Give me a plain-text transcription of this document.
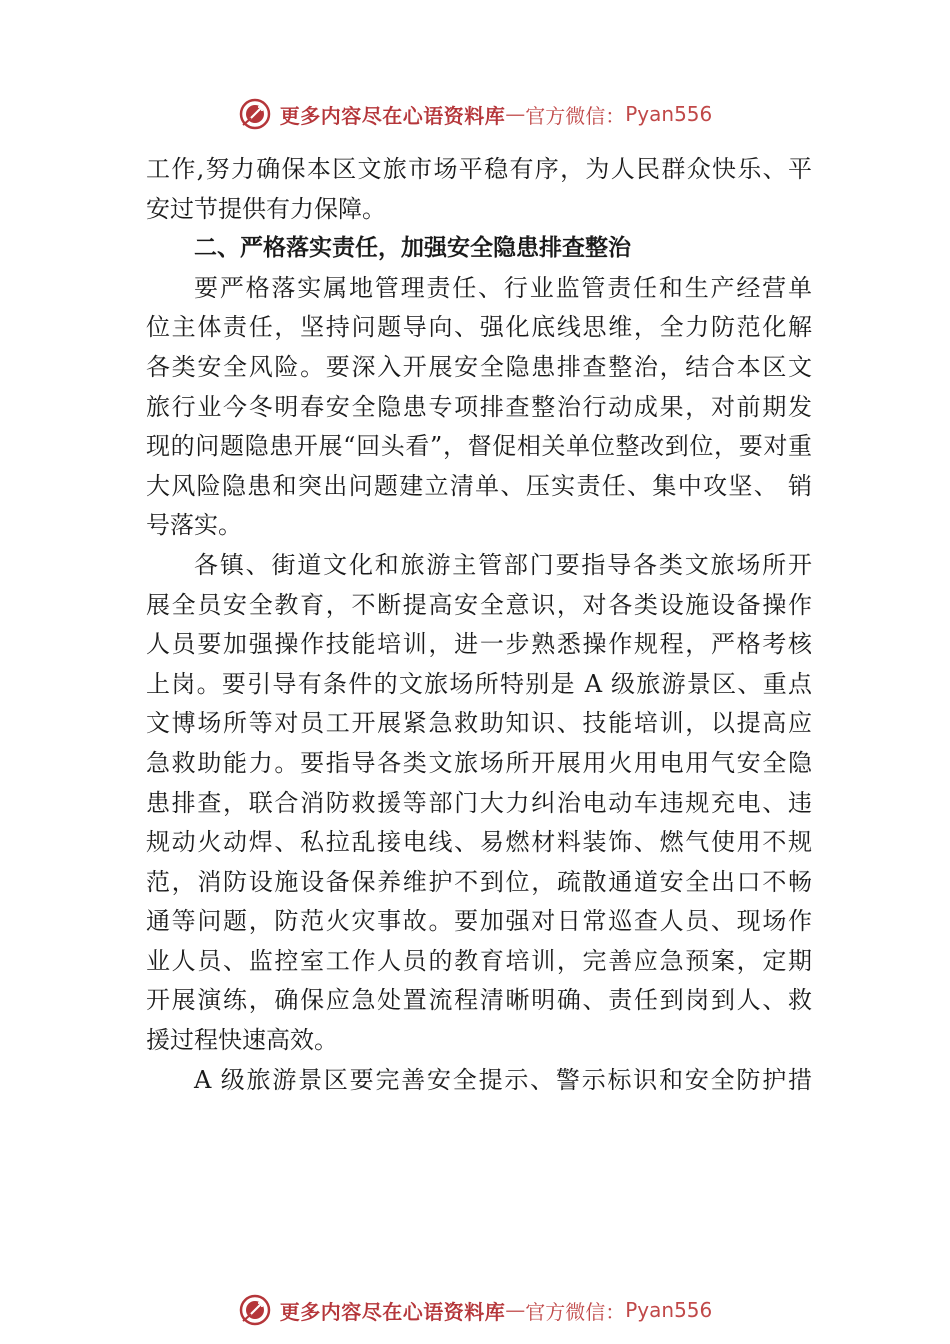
更多内容尽在心语资料库 — 官方微信： Pyan556
工作,努力确保本区文旅市场平稳有序，为人民群众快乐、平
安过节提供有力保障。
二、严格落实责任，加强安全隐患排查整治
要严格落实属地管理责任、行业监管责任和生产经营单
位主体责任，坚持问题导向、强化底线思维，全力防范化解
各类安全风险。要深入开展安全隐患排查整治，结合本区文
旅行业今冬明春安全隐患专项排查整治行动成果，对前期发
现的问题隐患开展“回头看”，督促相关单位整改到位，要对重
大风险隐患和突出问题建立清单、压实责任、集中攻坚、 销
号落实。
各镇、街道文化和旅游主管部门要指导各类文旅场所开
展全员安全教育，不断提高安全意识，对各类设施设备操作
人员要加强操作技能培训，进一步熟悉操作规程，严格考核
上岗。要引导有条件的文旅场所特别是 A 级旅游景区、重点
文博场所等对员工开展紧急救助知识、技能培训，以提高应
急救助能力。要指导各类文旅场所开展用火用电用气安全隐
患排查，联合消防救援等部门大力纠治电动车违规充电、违
规动火动焊、私拉乱接电线、易燃材料装饰、燃气使用不规
范，消防设施设备保养维护不到位，疏散通道安全出口不畅
通等问题，防范火灾事故。要加强对日常巡查人员、现场作
业人员、监控室工作人员的教育培训，完善应急预案，定期
开展演练，确保应急处置流程清晰明确、责任到岗到人、救
援过程快速高效。
A 级旅游景区要完善安全提示、警示标识和安全防护措
更多内容尽在心语资料库 — 官方微信： Pyan556
